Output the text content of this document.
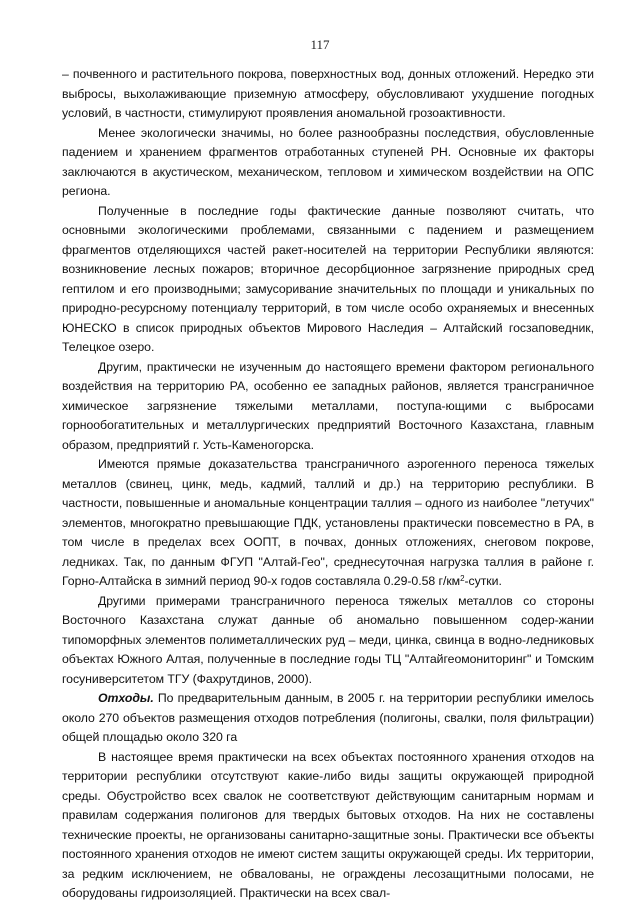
117

– почвенного и растительного покрова, поверхностных вод, донных отложений. Нередко эти выбросы, выхолаживающие приземную атмосферу, обусловливают ухудшение погодных условий, в частности, стимулируют проявления аномальной грозоактивности.

Менее экологически значимы, но более разнообразны последствия, обусловленные падением и хранением фрагментов отработанных ступеней РН. Основные их факторы заключаются в акустическом, механическом, тепловом и химическом воздействии на ОПС региона.

Полученные в последние годы фактические данные позволяют считать, что основными экологическими проблемами, связанными с падением и размещением фрагментов отделяющихся частей ракет-носителей на территории Республики являются: возникновение лесных пожаров; вторичное десорбционное загрязнение природных сред гептилом и его производными; замусоривание значительных по площади и уникальных по природно-ресурсному потенциалу территорий, в том числе особо охраняемых и внесенных ЮНЕСКО в список природных объектов Мирового Наследия – Алтайский госзаповедник, Телецкое озеро.

Другим, практически не изученным до настоящего времени фактором регионального воздействия на территорию РА, особенно ее западных районов, является трансграничное химическое загрязнение тяжелыми металлами, поступа-ющими с выбросами горнообогатительных и металлургических предприятий Восточного Казахстана, главным образом, предприятий г. Усть-Каменогорска.

Имеются прямые доказательства трансграничного аэрогенного переноса тяжелых металлов (свинец, цинк, медь, кадмий, таллий и др.) на территорию республики. В частности, повышенные и аномальные концентрации таллия – одного из наиболее "летучих" элементов, многократно превышающие ПДК, установлены практически повсеместно в РА, в том числе в пределах всех ООПТ, в почвах, донных отложениях, снеговом покрове, ледниках. Так, по данным ФГУП "Алтай-Гео", среднесуточная нагрузка таллия в районе г. Горно-Алтайска в зимний период 90-х годов составляла 0.29-0.58 $г/км^2$-сутки.

Другими примерами трансграничного переноса тяжелых металлов со стороны Восточного Казахстана служат данные об аномально повышенном содер-жании типоморфных элементов полиметаллических руд – меди, цинка, свинца в водно-ледниковых объектах Южного Алтая, полученные в последние годы ТЦ "Алтайгеомониторинг" и Томским госуниверситетом ТГУ (Фахрутдинов, 2000).

Отходы. По предварительным данным, в 2005 г. на территории республики имелось около 270 объектов размещения отходов потребления (полигоны, свалки, поля фильтрации) общей площадью около 320 га

В настоящее время практически на всех объектах постоянного хранения отходов на территории республики отсутствуют какие-либо виды защиты окружающей природной среды. Обустройство всех свалок не соответствуют действующим санитарным нормам и правилам содержания полигонов для твердых бытовых отходов. На них не составлены технические проекты, не организованы санитарно-защитные зоны. Практически все объекты постоянного хранения отходов не имеют систем защиты окружающей среды. Их территории, за редким исключением, не обвалованы, не ограждены лесозащитными полосами, не оборудованы гидроизоляцией. Практически на всех свал-
